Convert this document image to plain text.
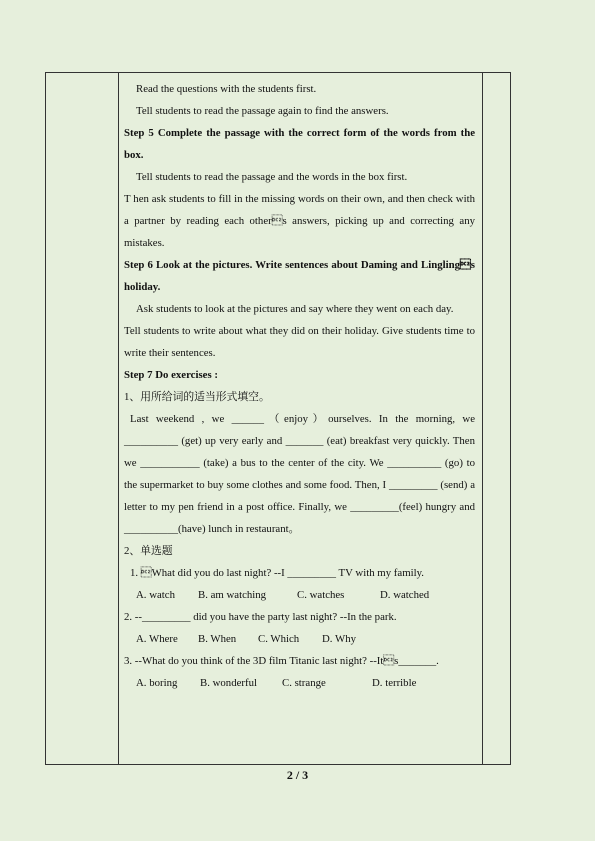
Read the questions with the students first.

Tell students to read the passage again to find the answers.

Step 5 Complete the passage with the correct form of the words from the box.

Tell students to read the passage and the words in the box first.

T hen ask students to fill in the missing words on their own, and then check with a partner by reading each others answers, picking up and correcting any mistakes.

Step 6 Look at the pictures. Write sentences about Daming and Linglings holiday.

Ask students to look at the pictures and say where they went on each day.

Tell students to write about what they did on their holiday. Give students time to write their sentences.

Step 7 Do exercises :

1、用所给词的适当形式填空。

Last weekend , we ______（enjoy）ourselves. In the morning, we __________ (get) up very early and _______ (eat) breakfast very quickly. Then we ___________ (take) a bus to the center of the city. We __________ (go) to the supermarket to buy some clothes and some food. Then, I _________ (send) a letter to my pen friend in a post office. Finally, we _________(feel) hungry and __________(have) lunch in restaurant。

2、单选题

1. What did you do last night? --I _________ TV with my family.

A. watch B. am watching	C. watches	D. watched

2. --_________ did you have the party last night? --In the park.

A. Where B. When C. Which D. Why

3. --What do you think of the 3D film Titanic last night? --Its_______.

A. boring B. wonderful C. strange	D. terrible
2 / 3
